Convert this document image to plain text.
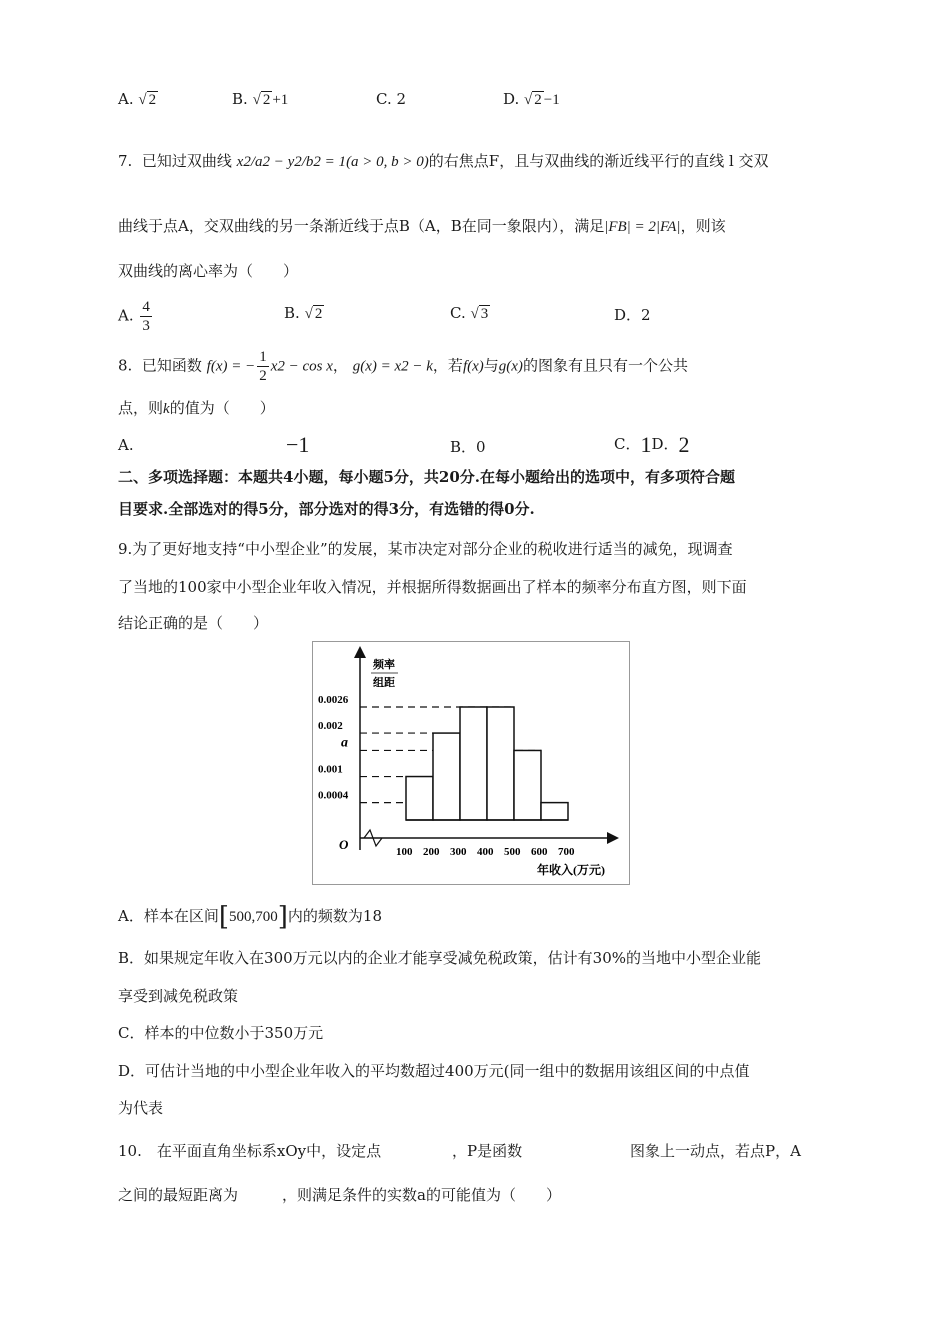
A. √ 2	B. √ 2 +1	C. 2	D. √ 2 −1
7. 已知过双曲线 x2/a2 − y2/b2 = 1(a > 0, b > 0)的右焦点F，且与双曲线的渐近线平行的直线 l 交双
曲线于点A，交双曲线的另一条渐近线于点B（A，B在同一象限内），满足|FB| = 2|FA|，则该
双曲线的离心率为（　　）
A. $\frac{4}{3}$	B. √ 2	C. √ 3	D．2
8. 已知函数 f(x) = − $\frac{1}{2} x2 - \cos x$， g(x) = x2 − k，若f(x)与g(x)的图象有且只有一个公共
点，则k的值为（　　）
A.	−1	B．0	C．1D．2
二、多项选择题：本题共4小题，每小题5分，共20分.在每小题给出的选项中，有多项符合题
目要求.全部选对的得5分，部分选对的得3分，有选错的得0分.
9.为了更好地支持“中小型企业”的发展，某市决定对部分企业的税收进行适当的减免，现调查
了当地的100家中小型企业年收入情况，并根据所得数据画出了样本的频率分布直方图，则下面
结论正确的是（　　）
频率
组距
O
0.0026
0.002
a
0.001
0.0004
100 200 300 400 500 600 700
年收入(万元)
A．样本在区间[500,700]内的频数为18
B．如果规定年收入在300万元以内的企业才能享受减免税政策，估计有30%的当地中小型企业能
享受到减免税政策
C．样本的中位数小于350万元
D．可估计当地的中小型企业年收入的平均数超过400万元(同一组中的数据用该组区间的中点值
为代表
10.　在平面直角坐标系xOy中，设定点	，P是函数	图象上一动点，若点P，A
之间的最短距离为	，则满足条件的实数a的可能值为（　　）
